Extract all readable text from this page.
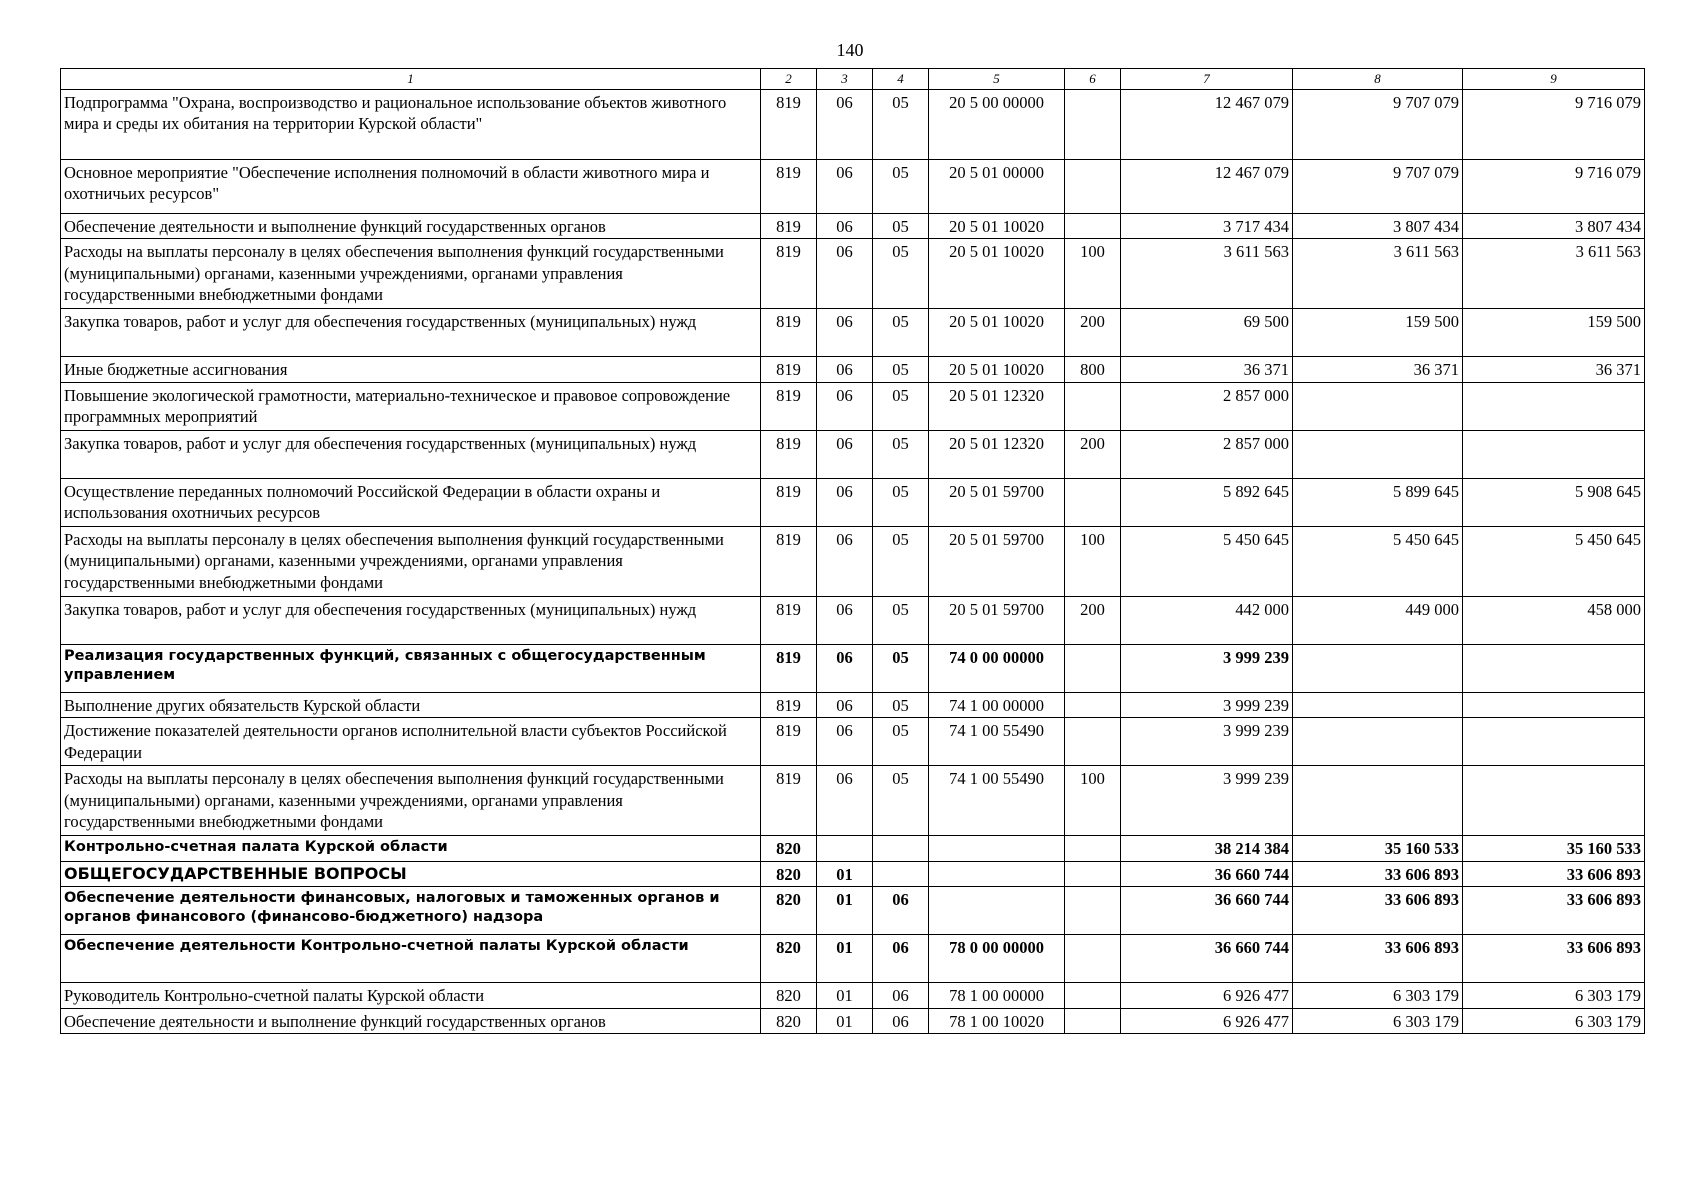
140
1	2	3	4	5	6	7	8	9
Подпрограмма "Охрана, воспроизводство и рациональное использование объектов животного мира и среды их обитания на территории Курской области"	819	06	05	20 5 00 00000		12 467 079	9 707 079	9 716 079
Основное мероприятие "Обеспечение исполнения полномочий в области животного мира и охотничьих ресурсов"	819	06	05	20 5 01 00000		12 467 079	9 707 079	9 716 079
Обеспечение деятельности и выполнение функций государственных органов	819	06	05	20 5 01 10020		3 717 434	3 807 434	3 807 434
Расходы на выплаты персоналу в целях обеспечения выполнения функций государственными (муниципальными) органами, казенными учреждениями, органами управления государственными внебюджетными фондами	819	06	05	20 5 01 10020	100	3 611 563	3 611 563	3 611 563
Закупка товаров, работ и услуг для обеспечения государственных (муниципальных) нужд	819	06	05	20 5 01 10020	200	69 500	159 500	159 500
Иные бюджетные ассигнования	819	06	05	20 5 01 10020	800	36 371	36 371	36 371
Повышение экологической грамотности, материально-техническое и правовое сопровождение программных мероприятий	819	06	05	20 5 01 12320		2 857 000		
Закупка товаров, работ и услуг для обеспечения государственных (муниципальных) нужд	819	06	05	20 5 01 12320	200	2 857 000		
Осуществление переданных полномочий Российской Федерации в области охраны и использования охотничьих ресурсов	819	06	05	20 5 01 59700		5 892 645	5 899 645	5 908 645
Расходы на выплаты персоналу в целях обеспечения выполнения функций государственными (муниципальными) органами, казенными учреждениями, органами управления государственными внебюджетными фондами	819	06	05	20 5 01 59700	100	5 450 645	5 450 645	5 450 645
Закупка товаров, работ и услуг для обеспечения государственных (муниципальных) нужд	819	06	05	20 5 01 59700	200	442 000	449 000	458 000
Реализация государственных функций, связанных с общегосударственным управлением	819	06	05	74 0 00 00000		3 999 239		
Выполнение других обязательств Курской области	819	06	05	74 1 00 00000		3 999 239		
Достижение показателей деятельности органов исполнительной власти субъектов Российской Федерации	819	06	05	74 1 00 55490		3 999 239		
Расходы на выплаты персоналу в целях обеспечения выполнения функций государственными (муниципальными) органами, казенными учреждениями, органами управления государственными внебюджетными фондами	819	06	05	74 1 00 55490	100	3 999 239		
Контрольно-счетная палата Курской области	820					38 214 384	35 160 533	35 160 533
ОБЩЕГОСУДАРСТВЕННЫЕ ВОПРОСЫ	820	01				36 660 744	33 606 893	33 606 893
Обеспечение деятельности финансовых, налоговых и таможенных органов и органов финансового (финансово-бюджетного) надзора	820	01	06			36 660 744	33 606 893	33 606 893
Обеспечение деятельности Контрольно-счетной палаты Курской области	820	01	06	78 0 00 00000		36 660 744	33 606 893	33 606 893
Руководитель Контрольно-счетной палаты Курской области	820	01	06	78 1 00 00000		6 926 477	6 303 179	6 303 179
Обеспечение деятельности и выполнение функций государственных органов	820	01	06	78 1 00 10020		6 926 477	6 303 179	6 303 179
